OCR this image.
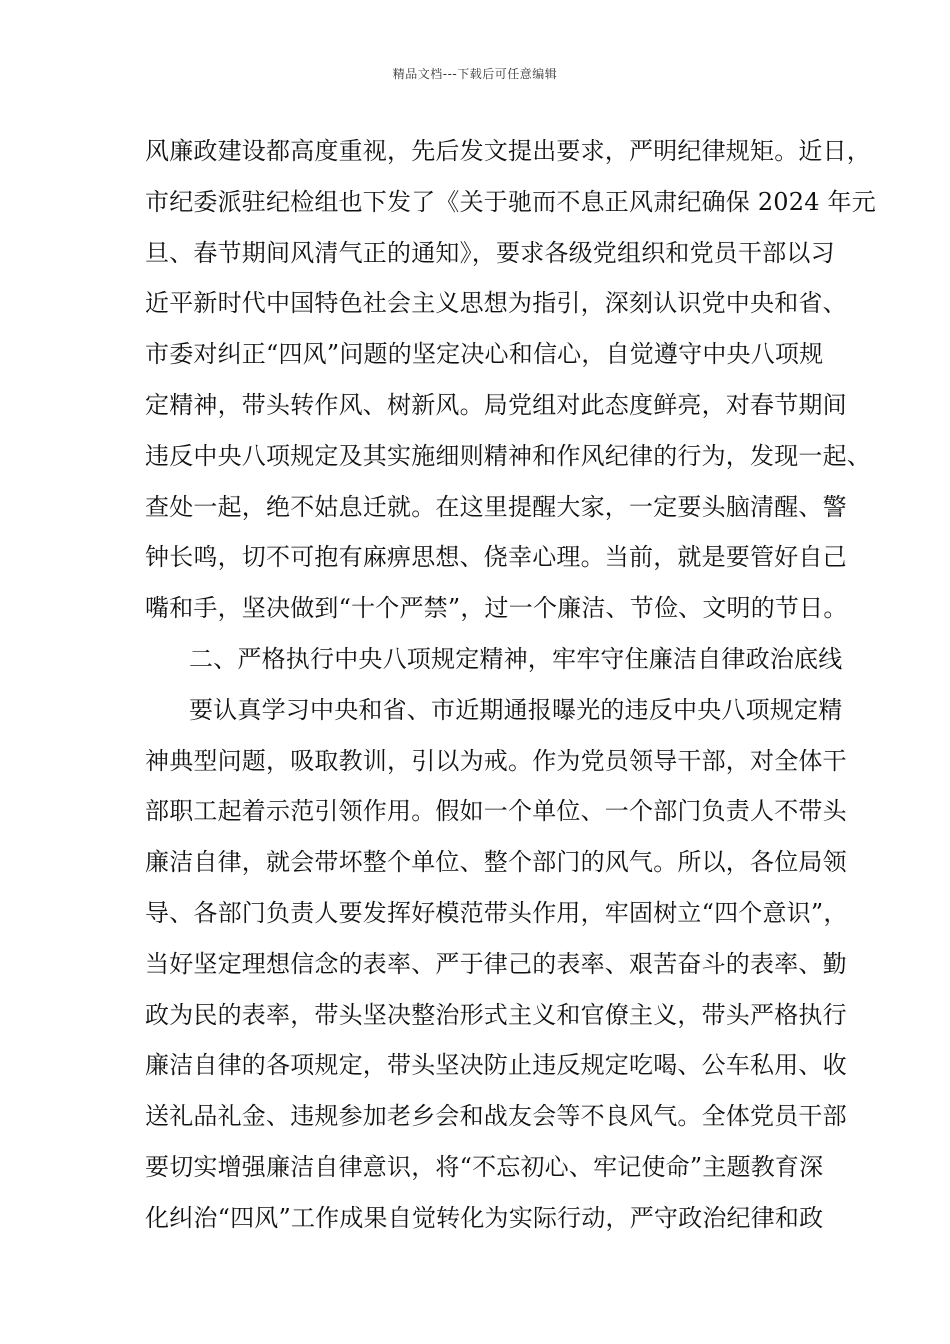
精品文档---下载后可任意编辑
风廉政建设都高度重视，先后发文提出要求，严明纪律规矩。近日，
市纪委派驻纪检组也下发了《关于驰而不息正风肃纪确保 2024 年元
旦、春节期间风清气正的通知》，要求各级党组织和党员干部以习
近平新时代中国特色社会主义思想为指引，深刻认识党中央和省、
市委对纠正“四风”问题的坚定决心和信心，自觉遵守中央八项规
定精神，带头转作风、树新风。局党组对此态度鲜亮，对春节期间
违反中央八项规定及其实施细则精神和作风纪律的行为，发现一起、
查处一起，绝不姑息迁就。在这里提醒大家，一定要头脑清醒、警
钟长鸣，切不可抱有麻痹思想、侥幸心理。当前，就是要管好自己
嘴和手，坚决做到“十个严禁”，过一个廉洁、节俭、文明的节日。
二、严格执行中央八项规定精神，牢牢守住廉洁自律政治底线
要认真学习中央和省、市近期通报曝光的违反中央八项规定精
神典型问题，吸取教训，引以为戒。作为党员领导干部，对全体干
部职工起着示范引领作用。假如一个单位、一个部门负责人不带头
廉洁自律，就会带坏整个单位、整个部门的风气。所以，各位局领
导、各部门负责人要发挥好模范带头作用，牢固树立“四个意识”，
当好坚定理想信念的表率、严于律己的表率、艰苦奋斗的表率、勤
政为民的表率，带头坚决整治形式主义和官僚主义，带头严格执行
廉洁自律的各项规定，带头坚决防止违反规定吃喝、公车私用、收
送礼品礼金、违规参加老乡会和战友会等不良风气。全体党员干部
要切实增强廉洁自律意识，将“不忘初心、牢记使命”主题教育深
化纠治“四风”工作成果自觉转化为实际行动，严守政治纪律和政
